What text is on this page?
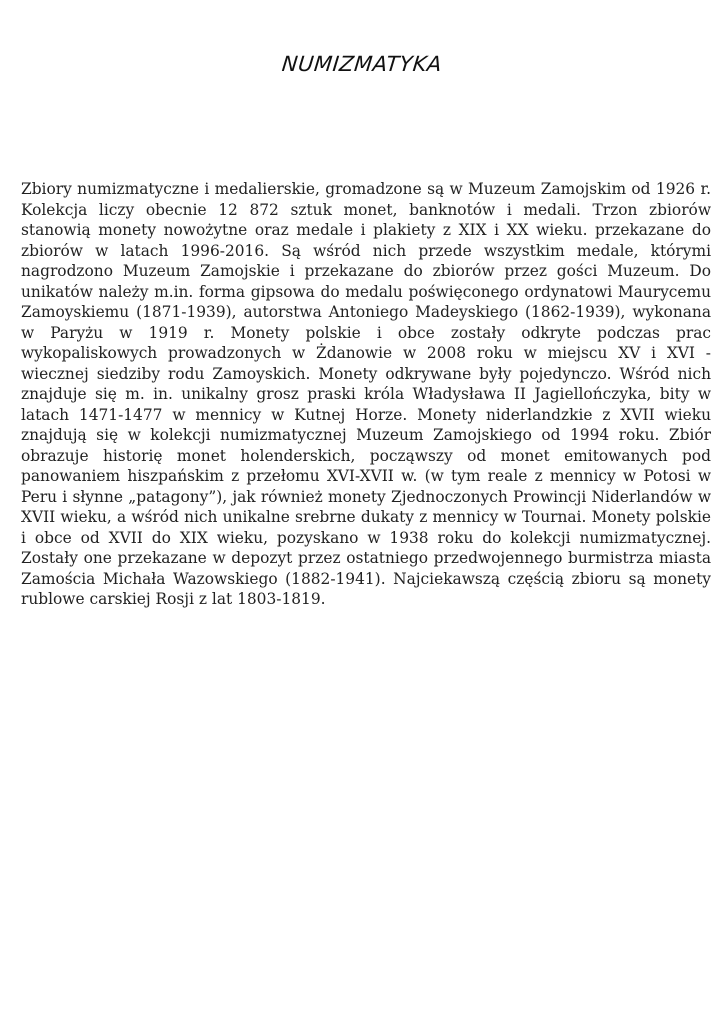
NUMIZMATYKA

Zbiory numizmatyczne i medalierskie, gromadzone są w Muzeum Zamojskim od 1926 r. Kolekcja liczy obecnie 12 872 sztuk monet, banknotów i medali. Trzon zbiorów stanowią monety nowożytne oraz medale i plakiety z XIX i XX wieku. przekazane do zbiorów w latach 1996-2016. Są wśród nich przede wszystkim medale, którymi nagrodzono Muzeum Zamojskie i przekazane do zbiorów przez gości Muzeum. Do unikatów należy m.in. forma gipsowa do medalu poświęconego ordynatowi Maurycemu Zamoyskiemu (1871-1939), autorstwa Antoniego Madeyskiego (1862-1939), wykonana w Paryżu w 1919 r. Monety polskie i obce zostały odkryte podczas prac wykopaliskowych prowadzonych w Żdanowie w 2008 roku w miejscu XV i XVI - wiecznej siedziby rodu Zamoyskich. Monety odkrywane były pojedynczo. Wśród nich znajduje się m. in. unikalny grosz praski króla Władysława II Jagiellończyka, bity w latach 1471-1477 w mennicy w Kutnej Horze. Monety niderlandzkie z XVII wieku znajdują się w kolekcji numizmatycznej Muzeum Zamojskiego od 1994 roku. Zbiór obrazuje historię monet holenderskich, począwszy od monet emitowanych pod panowaniem hiszpańskim z przełomu XVI-XVII w. (w tym reale z mennicy w Potosi w Peru i słynne „patagony”), jak również monety Zjednoczonych Prowincji Niderlandów w XVII wieku, a wśród nich unikalne srebrne dukaty z mennicy w Tournai. Monety polskie i obce od XVII do XIX wieku, pozyskano w 1938 roku do kolekcji numizmatycznej. Zostały one przekazane w depozyt przez ostatniego przedwojennego burmistrza miasta Zamościa Michała Wazowskiego (1882-1941). Najciekawszą częścią zbioru są monety rublowe carskiej Rosji z lat 1803-1819.
